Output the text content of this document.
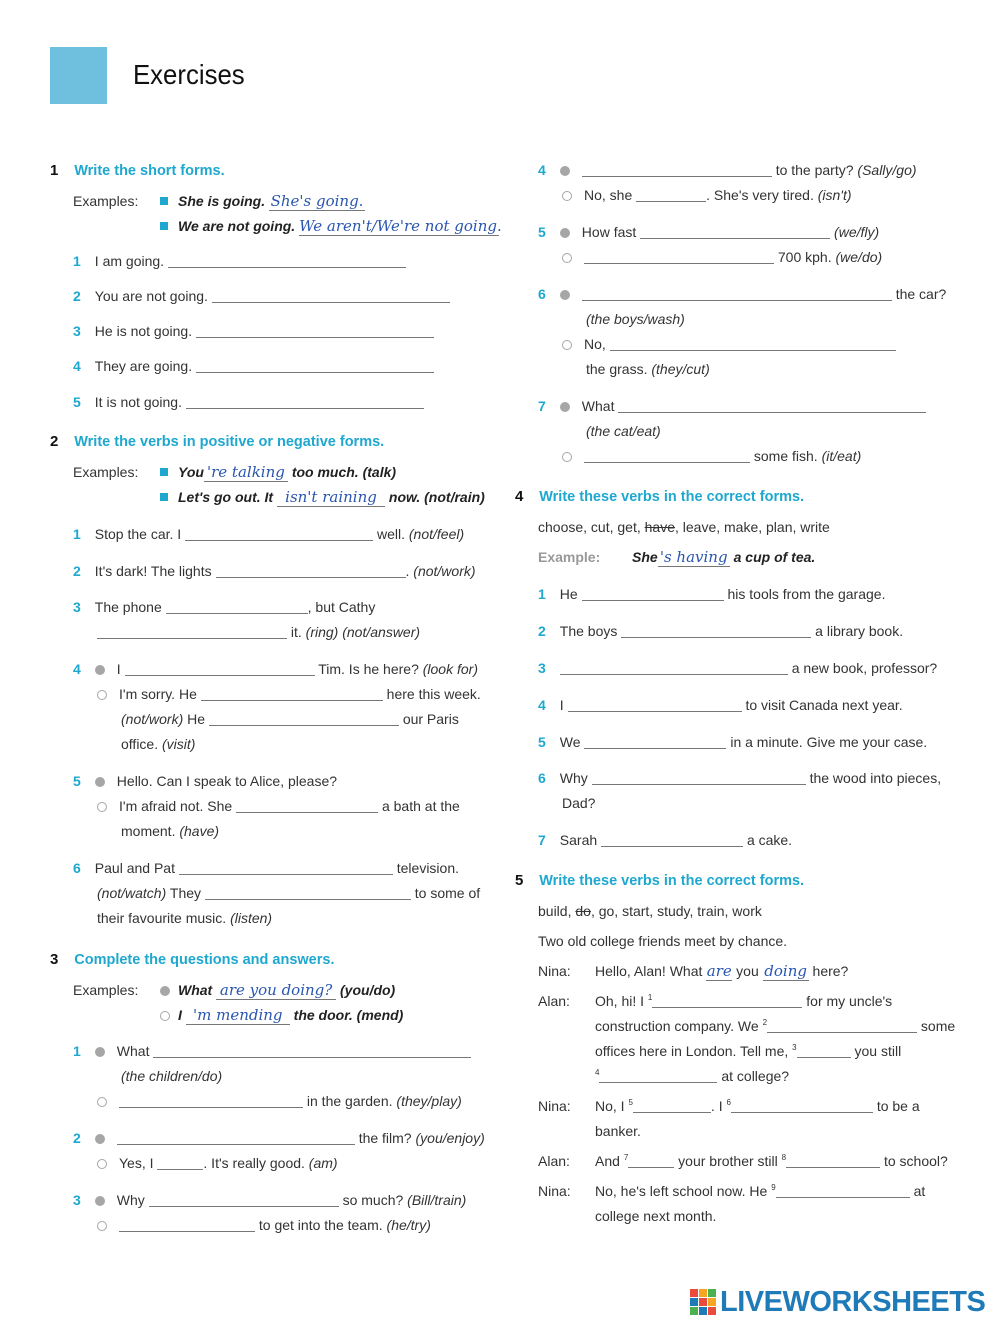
Exercises
1 Write the short forms.
Examples:	She is going. She's going.
We are not going. We aren't/We're not going.
1 I am going.
2 You are not going.
3 He is not going.
4 They are going.
5 It is not going.
2 Write the verbs in positive or negative forms.
Examples:	You 're talking too much. (talk)
Let's go out. It isn't raining now. (not/rain)
1 Stop the car. I	well. (not/feel)
2 It's dark! The lights	. (not/work)
3 The phone	, but Cathy
it. (ring) (not/answer)
4	I	Tim. Is he here? (look for)
I'm sorry. He	here this week.
(not/work) He	our Paris
office. (visit)
5	Hello. Can I speak to Alice, please?
I'm afraid not. She	a bath at the
moment. (have)
6 Paul and Pat	television.
(not/watch) They	to some of
their favourite music. (listen)
3 Complete the questions and answers.
Examples:	What are you doing? (you/do)
I 'm mending the door. (mend)
1	What
(the children/do)
in the garden. (they/play)
2	the film? (you/enjoy)
Yes, I	. It's really good. (am)
3	Why	so much? (Bill/train)
to get into the team. (he/try)
4	to the party? (Sally/go)
No, she	. She's very tired. (isn't)
5	How fast	(we/fly)
700 kph. (we/do)
6	the car?
(the boys/wash)
No,
the grass. (they/cut)
7	What
(the cat/eat)
some fish. (it/eat)
4 Write these verbs in the correct forms.
choose, cut, get, have, leave, make, plan, write
Example: She 's having a cup of tea.
1 He	his tools from the garage.
2 The boys	a library book.
3	a new book, professor?
4 I	to visit Canada next year.
5 We	in a minute. Give me your case.
6 Why	the wood into pieces,
Dad?
7 Sarah	a cake.
5 Write these verbs in the correct forms.
build, do, go, start, study, train, work
Two old college friends meet by chance.
Nina: Hello, Alan! What are you doing here?
Alan: Oh, hi! I $^1$	for my uncle's
construction company. We $^2$	some
offices here in London. Tell me, $^3$	you still
$^4$	at college?
Nina: No, I $^5$	. I $^6$	to be a
banker.
Alan: And $^7$	your brother still $^8$	to school?
Nina: No, he's left school now. He $^9$	at
college next month.
LIVEWORKSHEETS
